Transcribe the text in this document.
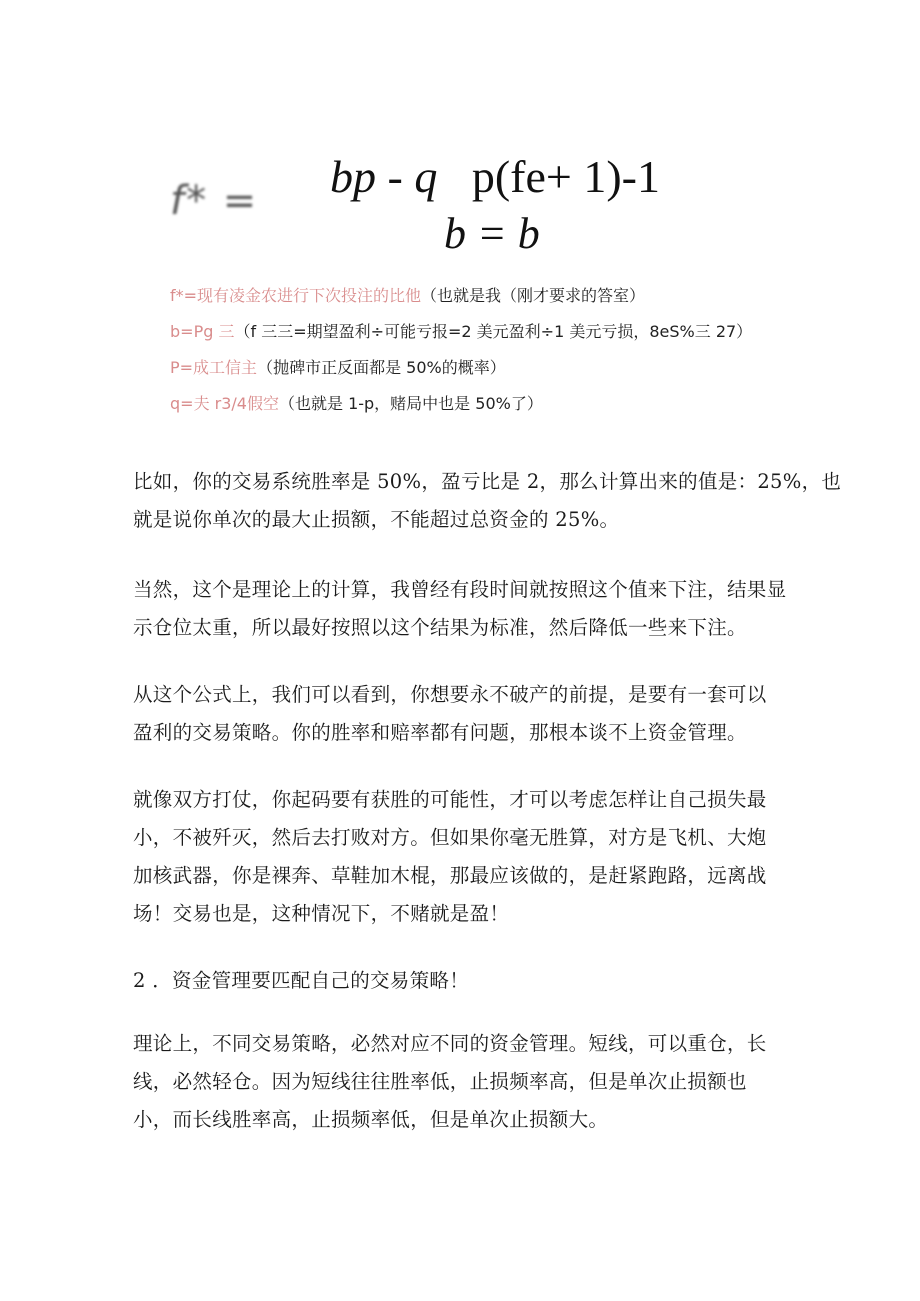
f* = bp - q p(fe+ 1)-1
b = b
f*=现有凌金农进行下次投注的比他（也就是我（刚才要求的答室）
b=Pg 三（f 三三=期望盈利÷可能亏报=2 美元盈利÷1 美元亏损，8eS%三 27）
P=成工信主（抛碑市正反面都是 50%的概率）
q=夫 r3/4假空（也就是 1-p，赌局中也是 50%了）
比如，你的交易系统胜率是 50%，盈亏比是 2，那么计算出来的值是：25%，也
就是说你单次的最大止损额，不能超过总资金的 25%。
当然，这个是理论上的计算，我曾经有段时间就按照这个值来下注，结果显
示仓位太重，所以最好按照以这个结果为标准，然后降低一些来下注。
从这个公式上，我们可以看到，你想要永不破产的前提，是要有一套可以
盈利的交易策略。你的胜率和赔率都有问题，那根本谈不上资金管理。
就像双方打仗，你起码要有获胜的可能性，才可以考虑怎样让自己损失最
小，不被歼灭，然后去打败对方。但如果你毫无胜算，对方是飞机、大炮
加核武器，你是裸奔、草鞋加木棍，那最应该做的，是赶紧跑路，远离战
场！交易也是，这种情况下，不赌就是盈！
2 ．资金管理要匹配自己的交易策略！
理论上，不同交易策略，必然对应不同的资金管理。短线，可以重仓，长
线，必然轻仓。因为短线往往胜率低，止损频率高，但是单次止损额也
小，而长线胜率高，止损频率低，但是单次止损额大。
